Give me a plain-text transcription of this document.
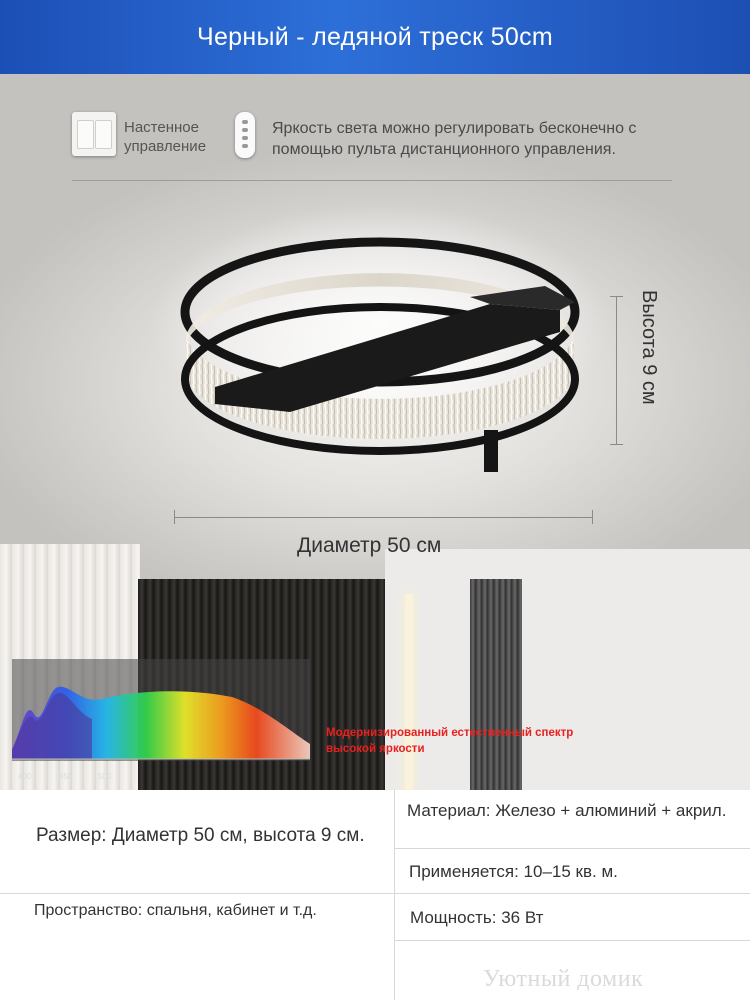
Черный - ледяной треск 50cm
Настенное управление
Яркость света можно регулировать бесконечно с помощью пульта дистанционного управления.
Высота 9 см
Диаметр 50 см
400	450	500
Модернизированный естественный спектр высокой яркости
Размер: Диаметр 50 см, высота 9 см.
Пространство: спальня, кабинет и т.д.
Материал: Железо + алюминий + акрил.
Применяется: 10–15 кв. м.
Мощность: 36 Вт
Уютный домик
